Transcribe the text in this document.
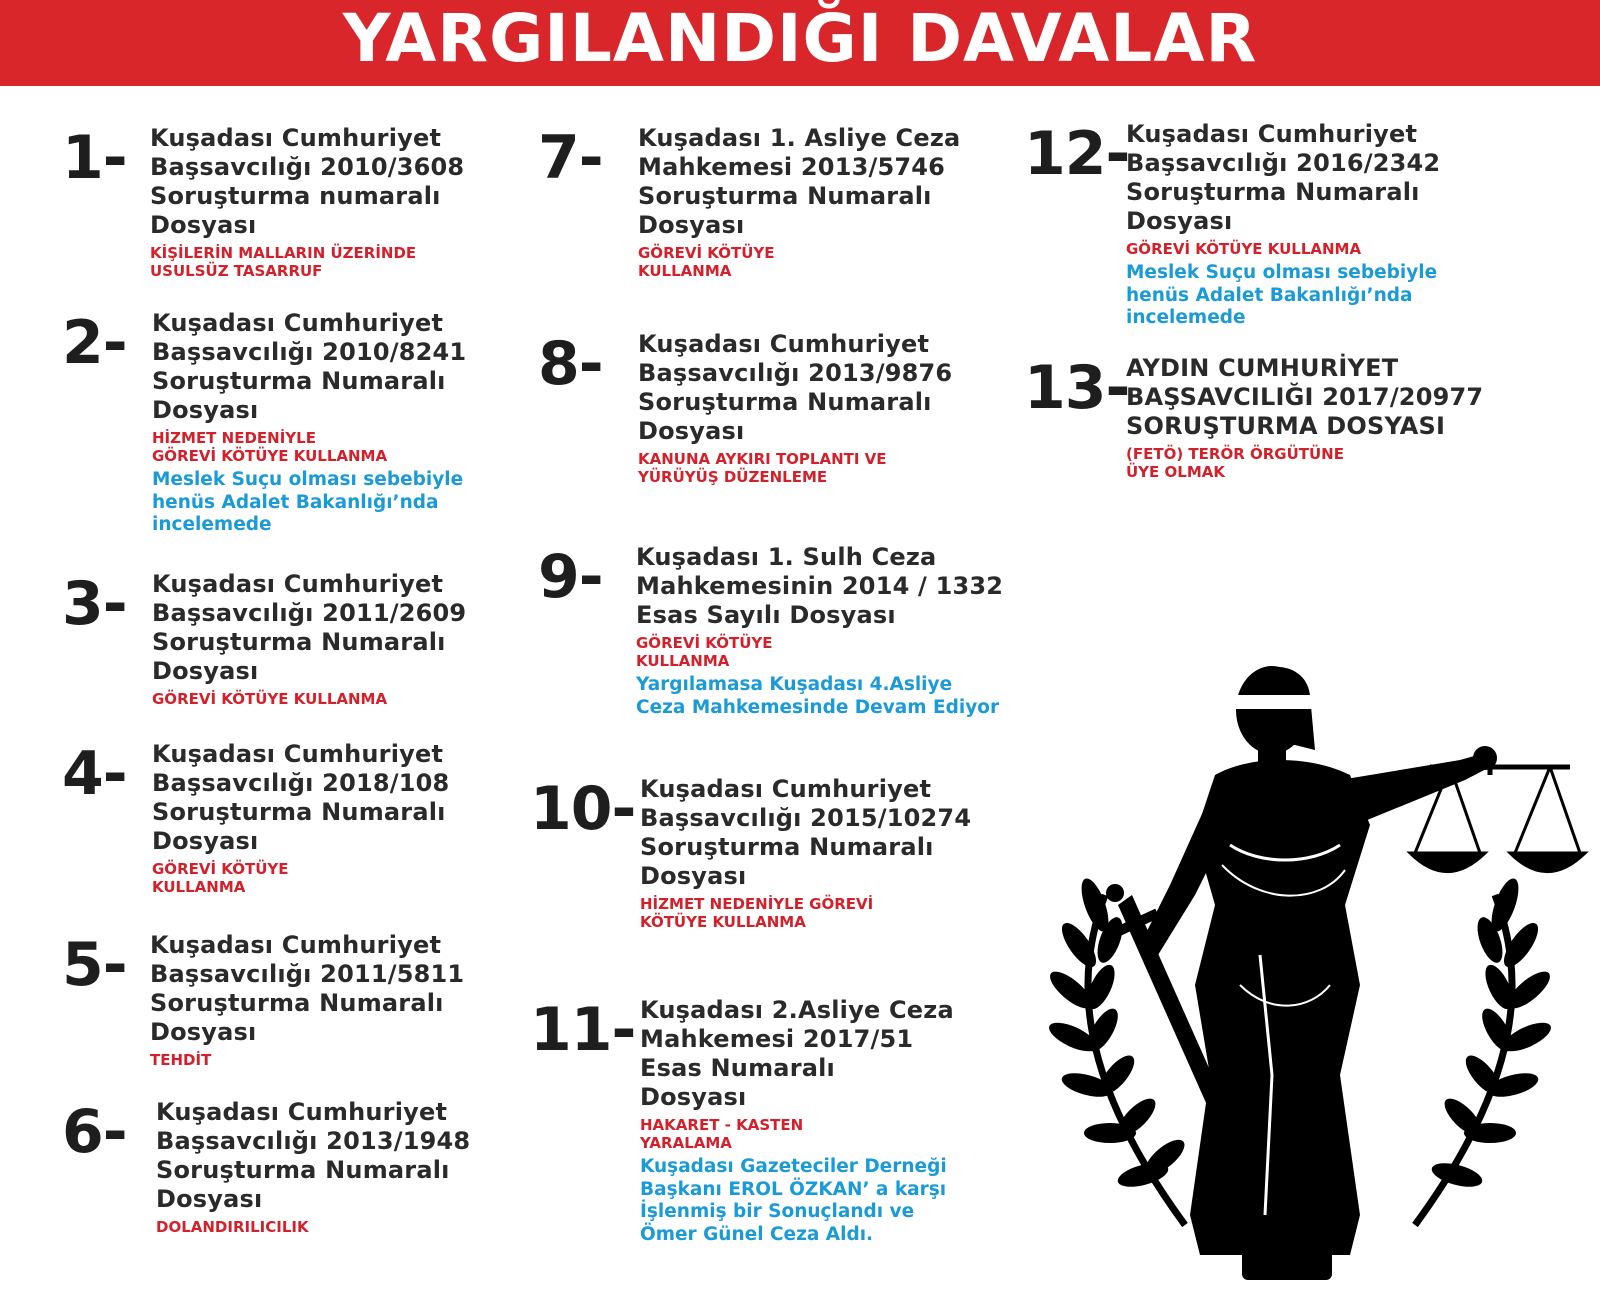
YARGILANDIĞI DAVALAR
1- Kuşadası Cumhuriyet
Başsavcılığı 2010/3608
Soruşturma numaralı
Dosyası
KİŞİLERİN MALLARIN ÜZERİNDE
USULSÜZ TASARRUF
2- Kuşadası Cumhuriyet
Başsavcılığı 2010/8241
Soruşturma Numaralı
Dosyası
HİZMET NEDENİYLE
GÖREVİ KÖTÜYE KULLANMA
Meslek Suçu olması sebebiyle
henüs Adalet Bakanlığı’nda
incelemede
3- Kuşadası Cumhuriyet
Başsavcılığı 2011/2609
Soruşturma Numaralı
Dosyası
GÖREVİ KÖTÜYE KULLANMA
4- Kuşadası Cumhuriyet
Başsavcılığı 2018/108
Soruşturma Numaralı
Dosyası
GÖREVİ KÖTÜYE
KULLANMA
5- Kuşadası Cumhuriyet
Başsavcılığı 2011/5811
Soruşturma Numaralı
Dosyası
TEHDİT
6- Kuşadası Cumhuriyet
Başsavcılığı 2013/1948
Soruşturma Numaralı
Dosyası
DOLANDIRILICILIK
7- Kuşadası 1. Asliye Ceza
Mahkemesi 2013/5746
Soruşturma Numaralı
Dosyası
GÖREVİ KÖTÜYE
KULLANMA
8- Kuşadası Cumhuriyet
Başsavcılığı 2013/9876
Soruşturma Numaralı
Dosyası
KANUNA AYKIRI TOPLANTI VE
YÜRÜYÜŞ DÜZENLEME
9- Kuşadası 1. Sulh Ceza
Mahkemesinin 2014 / 1332
Esas Sayılı Dosyası
GÖREVİ KÖTÜYE
KULLANMA
Yargılamasa Kuşadası 4.Asliye
Ceza Mahkemesinde Devam Ediyor
10- Kuşadası Cumhuriyet
Başsavcılığı 2015/10274
Soruşturma Numaralı
Dosyası
HİZMET NEDENİYLE GÖREVİ
KÖTÜYE KULLANMA
11- Kuşadası 2.Asliye Ceza
Mahkemesi 2017/51
Esas Numaralı
Dosyası
HAKARET - KASTEN
YARALAMA
Kuşadası Gazeteciler Derneği
Başkanı EROL ÖZKAN’ a karşı
İşlenmiş bir Sonuçlandı ve
Ömer Günel Ceza Aldı.
12-
Kuşadası Cumhuriyet
Başsavcılığı 2016/2342
Soruşturma Numaralı
Dosyası
GÖREVİ KÖTÜYE KULLANMA
Meslek Suçu olması sebebiyle
henüs Adalet Bakanlığı’nda
incelemede
13-
AYDIN CUMHURİYET
BAŞSAVCILIĞI 2017/20977
SORUŞTURMA DOSYASI
(FETÖ) TERÖR ÖRGÜTÜNE
ÜYE OLMAK
